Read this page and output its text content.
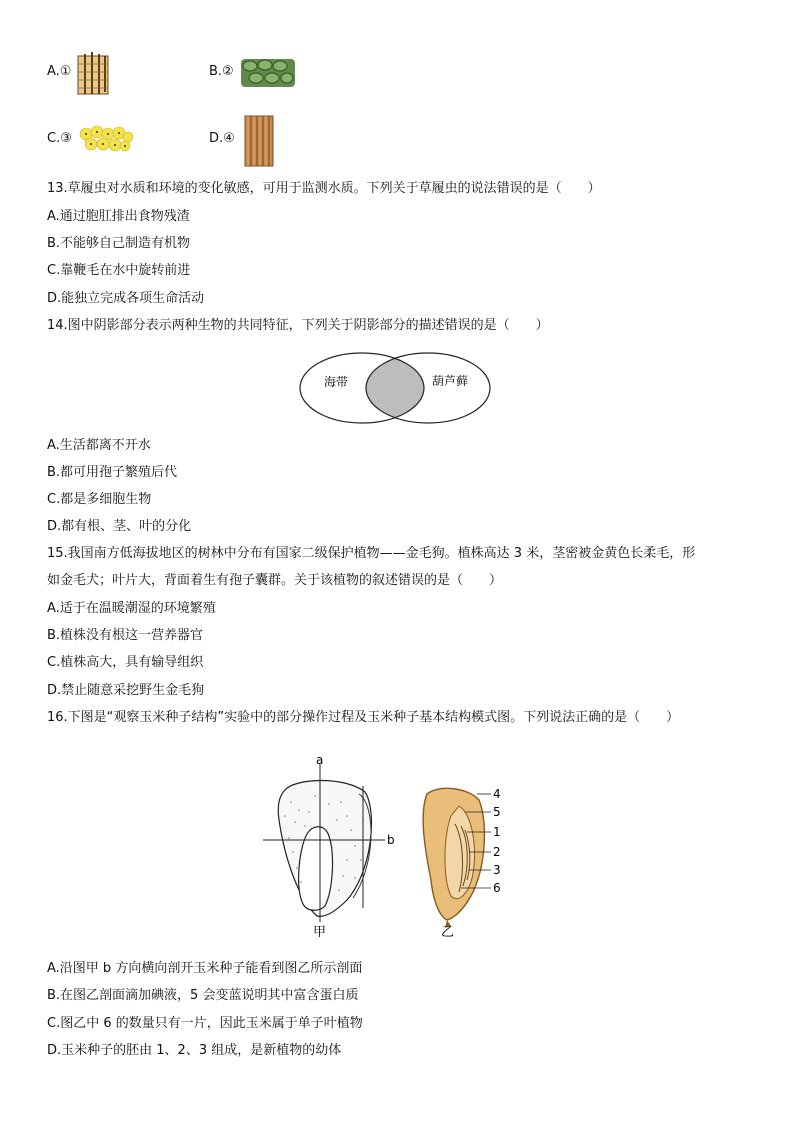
A.①	B.②
C.③	D.④
13.草履虫对水质和环境的变化敏感，可用于监测水质。下列关于草履虫的说法错误的是（　　）
A.通过胞肛排出食物残渣
B.不能够自己制造有机物
C.靠鞭毛在水中旋转前进
D.能独立完成各项生命活动
14.图中阴影部分表示两种生物的共同特征，下列关于阴影部分的描述错误的是（　　）
海带	葫芦藓
A.生活都离不开水
B.都可用孢子繁殖后代
C.都是多细胞生物
D.都有根、茎、叶的分化
15.我国南方低海拔地区的树林中分布有国家二级保护植物——金毛狗。植株高达 3 米，茎密被金黄色长柔毛，形
如金毛犬；叶片大，背面着生有孢子囊群。关于该植物的叙述错误的是（　　）
A.适于在温暖潮湿的环境繁殖
B.植株没有根这一营养器官
C.植株高大，具有输导组织
D.禁止随意采挖野生金毛狗
16.下图是“观察玉米种子结构”实验中的部分操作过程及玉米种子基本结构模式图。下列说法正确的是（　　）
a
b
甲
4
5
1
2
3
6
乙
A.沿图甲 b 方向横向剖开玉米种子能看到图乙所示剖面
B.在图乙剖面滴加碘液，5 会变蓝说明其中富含蛋白质
C.图乙中 6 的数量只有一片，因此玉米属于单子叶植物
D.玉米种子的胚由 1、2、3 组成，是新植物的幼体
